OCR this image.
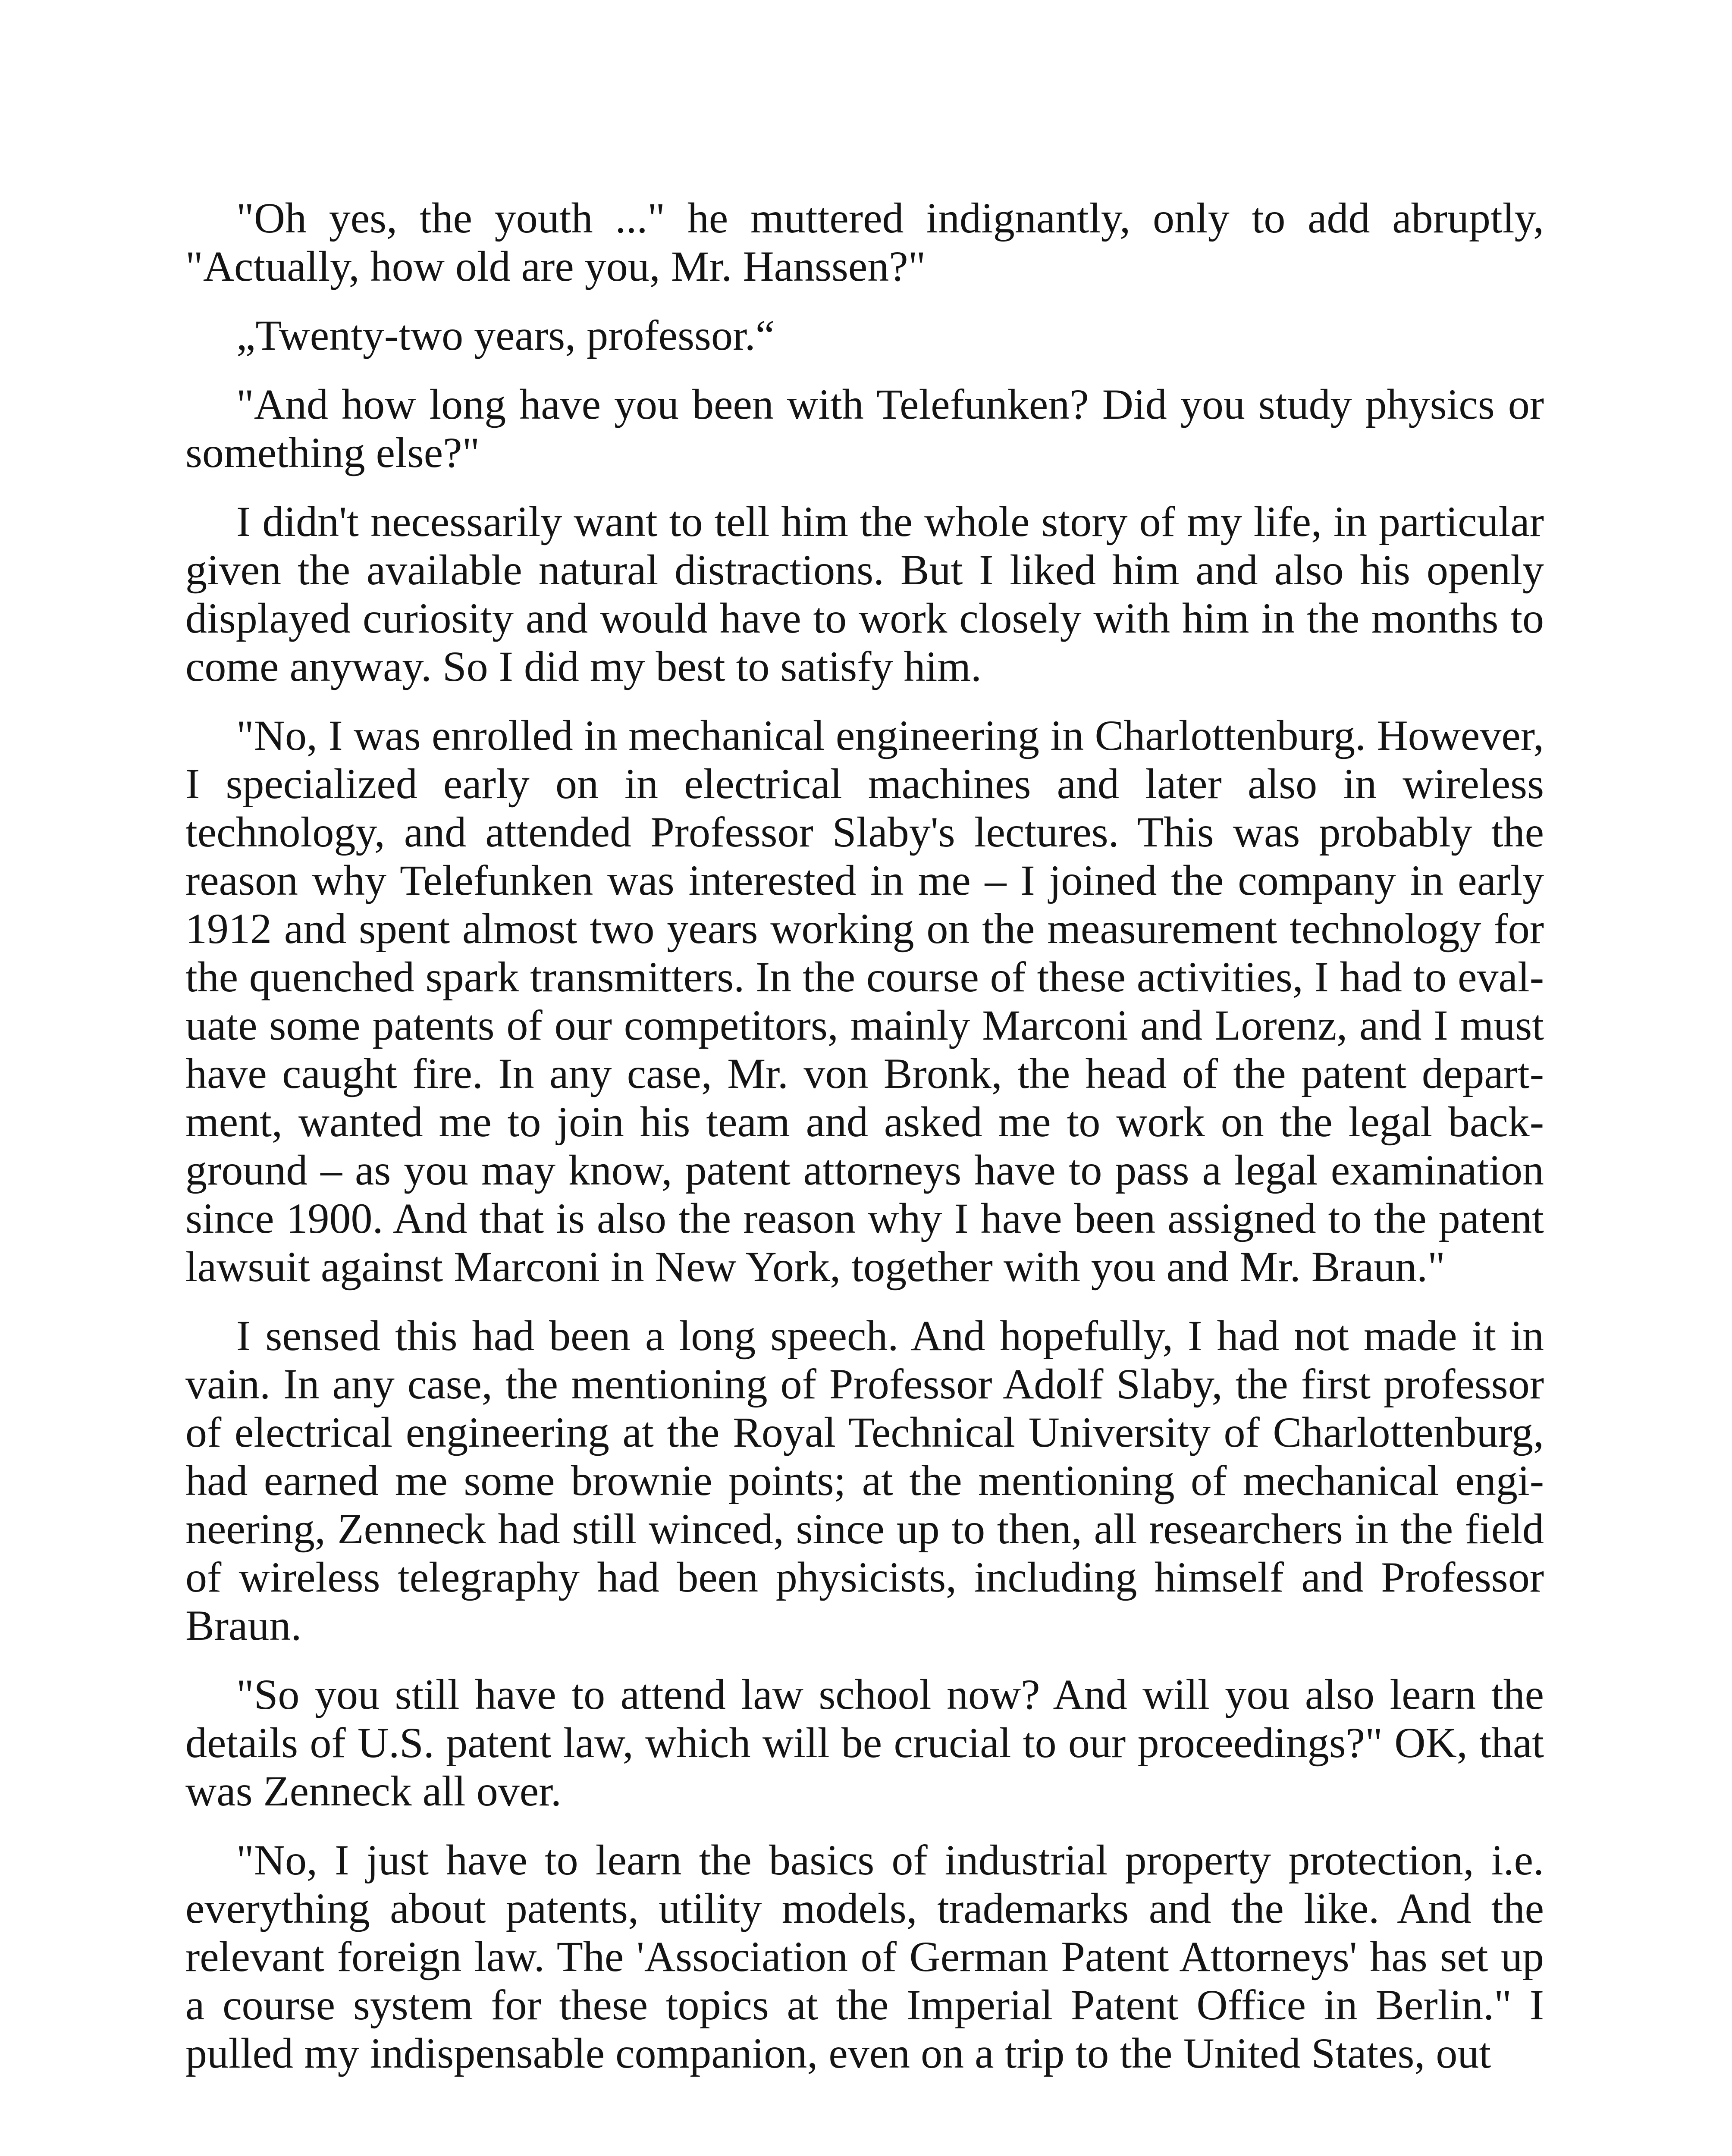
"Oh yes, the youth ..." he muttered indignantly, only to add abruptly, "Actually, how old are you, Mr. Hanssen?"

„Twenty-two years, professor.“

"And how long have you been with Telefunken? Did you study physics or something else?"

I didn't necessarily want to tell him the whole story of my life, in particular given the available natural distractions. But I liked him and also his openly displayed curiosity and would have to work closely with him in the months to come anyway. So I did my best to satisfy him.

"No, I was enrolled in mechanical engineering in Charlottenburg. However, I specialized early on in electrical machines and later also in wireless technology, and attended Professor Slaby's lectures. This was probably the reason why Telefunken was interested in me – I joined the company in early 1912 and spent almost two years working on the measurement technology for the quenched spark transmitters. In the course of these activities, I had to evaluate some patents of our competitors, mainly Marconi and Lorenz, and I must have caught fire. In any case, Mr. von Bronk, the head of the patent department, wanted me to join his team and asked me to work on the legal background – as you may know, patent attorneys have to pass a legal examination since 1900. And that is also the reason why I have been assigned to the patent lawsuit against Marconi in New York, together with you and Mr. Braun."

I sensed this had been a long speech. And hopefully, I had not made it in vain. In any case, the mentioning of Professor Adolf Slaby, the first professor of electrical engineering at the Royal Technical University of Charlottenburg, had earned me some brownie points; at the mentioning of mechanical engineering, Zenneck had still winced, since up to then, all researchers in the field of wireless telegraphy had been physicists, including himself and Professor Braun.

"So you still have to attend law school now? And will you also learn the details of U.S. patent law, which will be crucial to our proceedings?" OK, that was Zenneck all over.

"No, I just have to learn the basics of industrial property protection, i.e. everything about patents, utility models, trademarks and the like. And the relevant foreign law. The 'Association of German Patent Attorneys' has set up a course system for these topics at the Imperial Patent Office in Berlin." I pulled my indispensable companion, even on a trip to the United States, out
